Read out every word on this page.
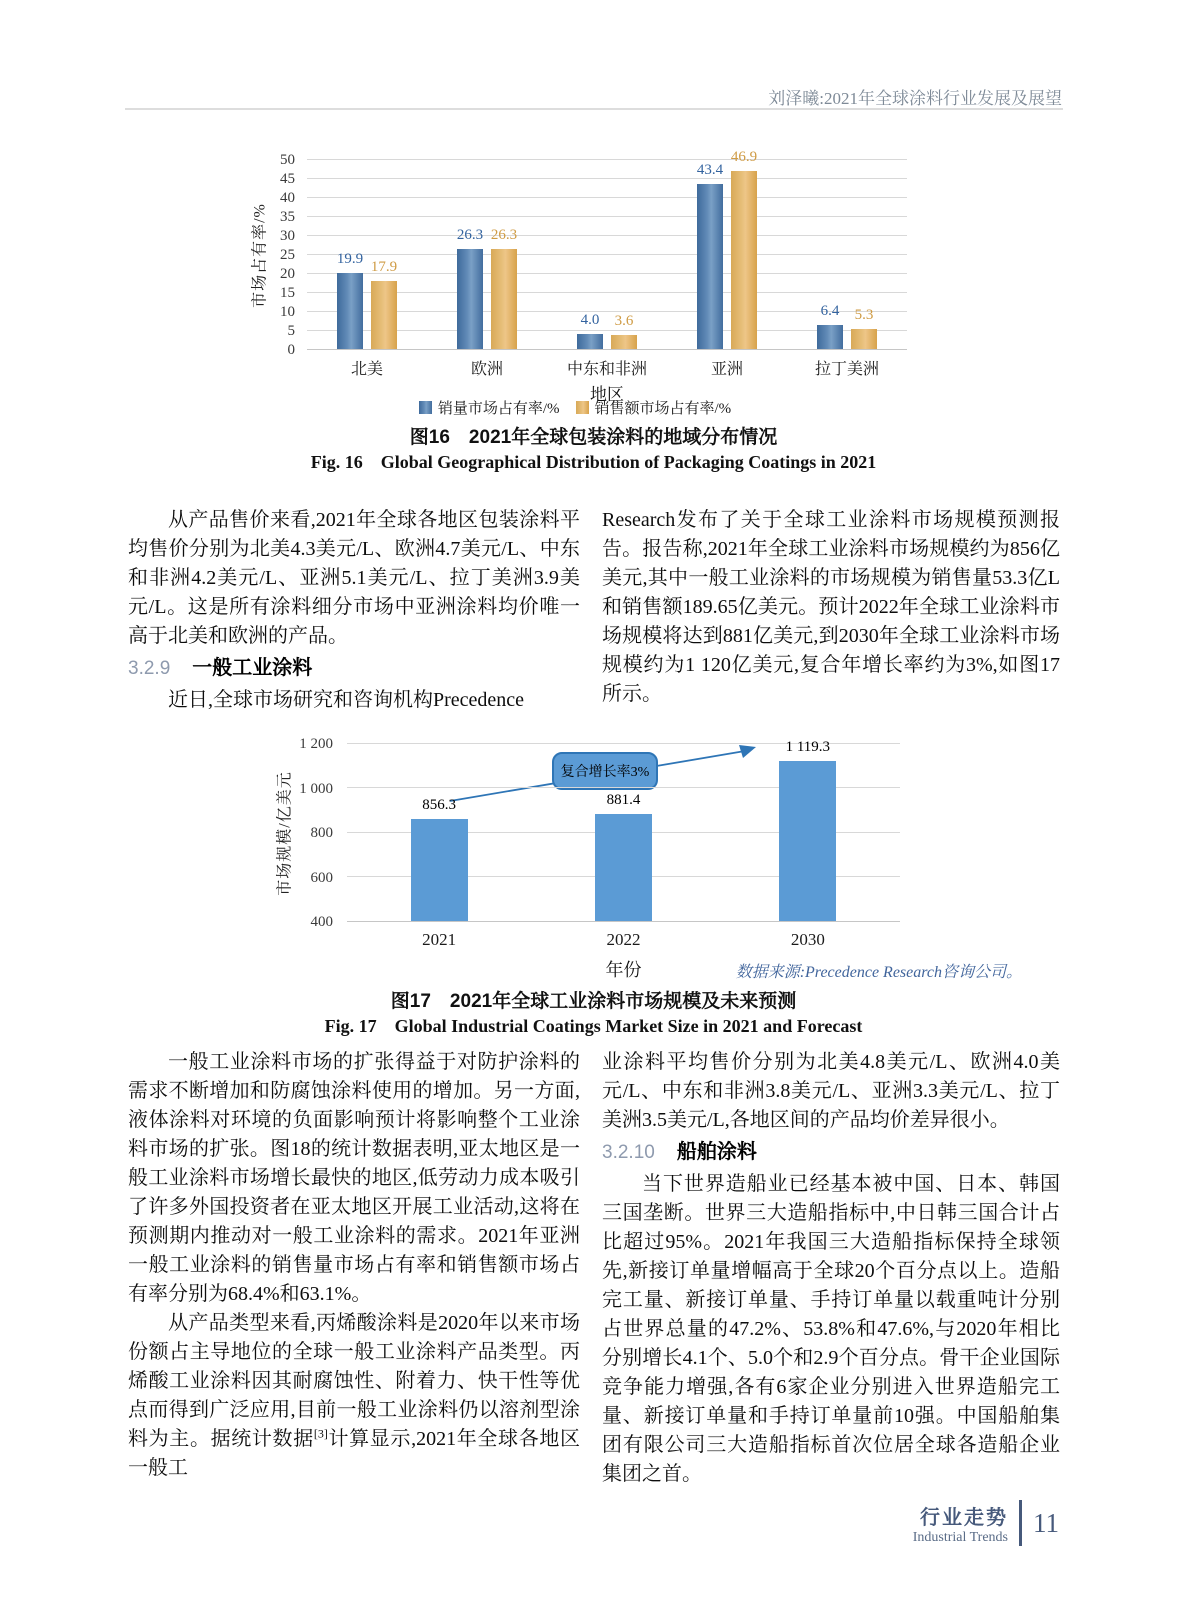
刘泽曦:2021年全球涂料行业发展及展望
市场占有率/%
0
5
10
15
20
25
30
35
40
45
50
19.9 17.9
26.3 26.3
4.0 3.6
43.4
46.9
6.4 5.3
北美	欧洲	中东和非洲	亚洲	拉丁美洲
地区
销量市场占有率/% 销售额市场占有率/%
图16　2021年全球包装涂料的地域分布情况
Fig. 16　Global Geographical Distribution of Packaging Coatings in 2021

从产品售价来看,2021年全球各地区包装涂料平均售价分别为北美4.3美元/L、欧洲4.7美元/L、中东和非洲4.2美元/L、亚洲5.1美元/L、拉丁美洲3.9美元/L。这是所有涂料细分市场中亚洲涂料均价唯一高于北美和欧洲的产品。

3.2.9 一般工业涂料

近日,全球市场研究和咨询机构Precedence

Research发布了关于全球工业涂料市场规模预测报告。报告称,2021年全球工业涂料市场规模约为856亿美元,其中一般工业涂料的市场规模为销售量53.3亿L和销售额189.65亿美元。预计2022年全球工业涂料市场规模将达到881亿美元,到2030年全球工业涂料市场规模约为1 120亿美元,复合年增长率约为3%,如图17所示。

市场规模/亿美元
400
600
800
1 000
1 200
复合增长率3%
856.3	881.4
1 119.3
2021	2022	2030
年份	数据来源:Precedence Research咨询公司。
图17　2021年全球工业涂料市场规模及未来预测
Fig. 17　Global Industrial Coatings Market Size in 2021 and Forecast

一般工业涂料市场的扩张得益于对防护涂料的需求不断增加和防腐蚀涂料使用的增加。另一方面,液体涂料对环境的负面影响预计将影响整个工业涂料市场的扩张。图18的统计数据表明,亚太地区是一般工业涂料市场增长最快的地区,低劳动力成本吸引了许多外国投资者在亚太地区开展工业活动,这将在预测期内推动对一般工业涂料的需求。2021年亚洲一般工业涂料的销售量市场占有率和销售额市场占有率分别为68.4%和63.1%。

从产品类型来看,丙烯酸涂料是2020年以来市场份额占主导地位的全球一般工业涂料产品类型。丙烯酸工业涂料因其耐腐蚀性、附着力、快干性等优点而得到广泛应用,目前一般工业涂料仍以溶剂型涂料为主。据统计数据[3]计算显示,2021年全球各地区一般工

业涂料平均售价分别为北美4.8美元/L、欧洲4.0美元/L、中东和非洲3.8美元/L、亚洲3.3美元/L、拉丁美洲3.5美元/L,各地区间的产品均价差异很小。

3.2.10 船舶涂料

当下世界造船业已经基本被中国、日本、韩国三国垄断。世界三大造船指标中,中日韩三国合计占比超过95%。2021年我国三大造船指标保持全球领先,新接订单量增幅高于全球20个百分点以上。造船完工量、新接订单量、手持订单量以载重吨计分别占世界总量的47.2%、53.8%和47.6%,与2020年相比分别增长4.1个、5.0个和2.9个百分点。骨干企业国际竞争能力增强,各有6家企业分别进入世界造船完工量、新接订单量和手持订单量前10强。中国船舶集团有限公司三大造船指标首次位居全球各造船企业集团之首。

行业走势
Industrial Trends 11
